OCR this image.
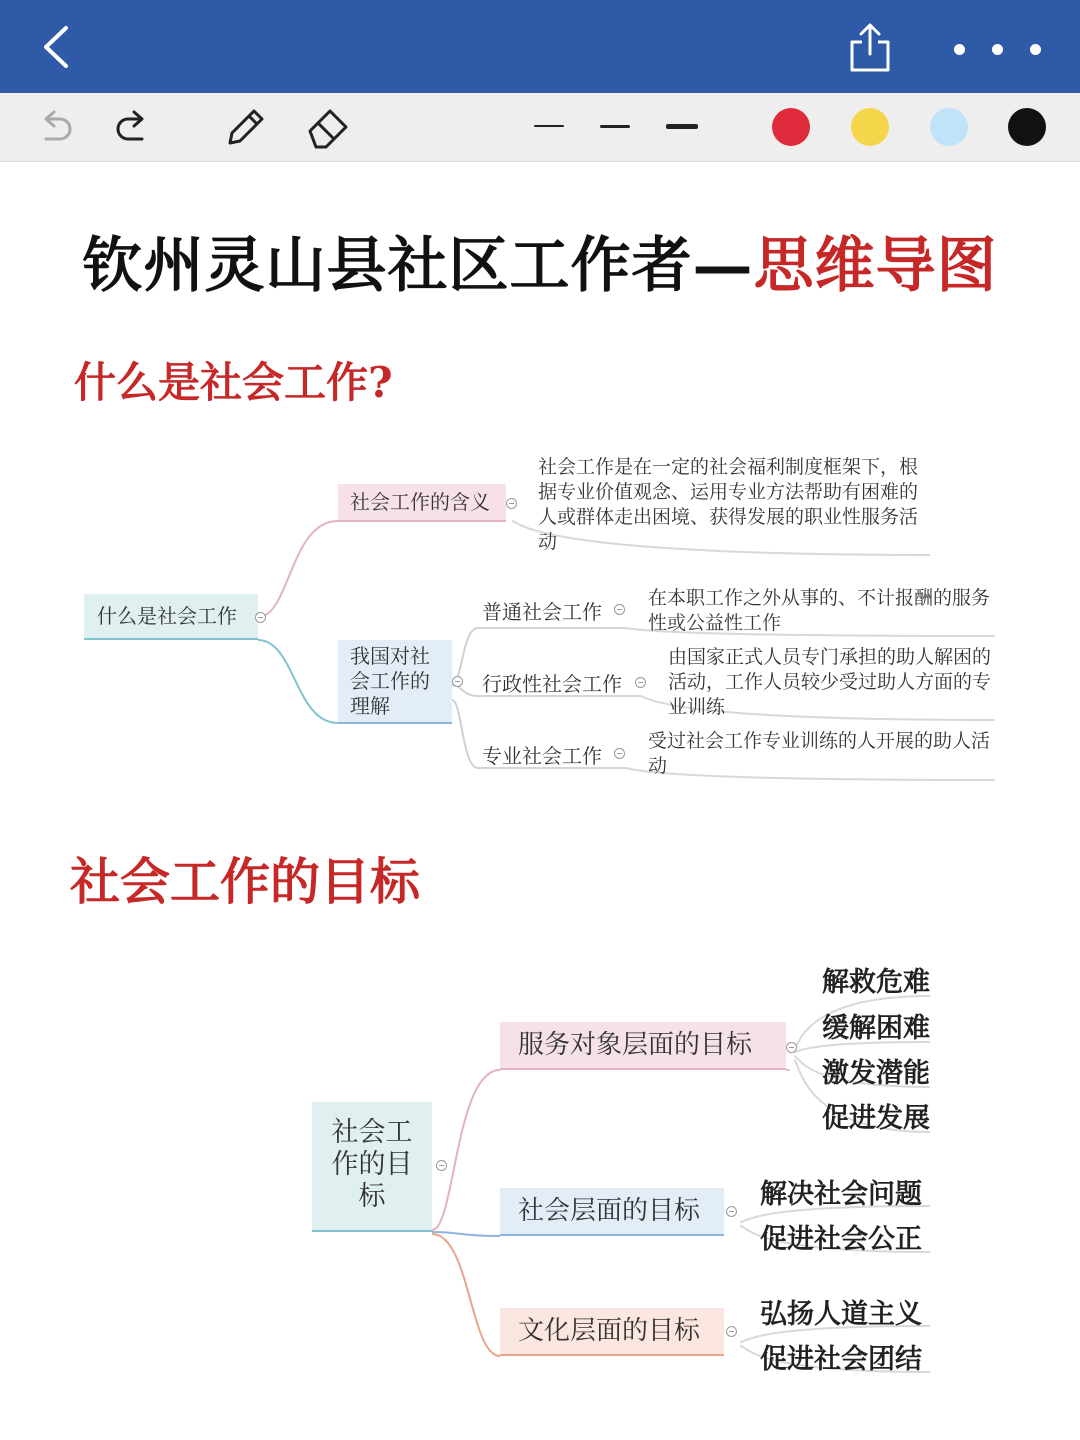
钦州灵山县社区工作者—思维导图
什么是社会工作?
什么是社会工作	−
社会工作的含义	−
社会工作是在一定的社会福利制度框架下，根据专业价值观念、运用专业方法帮助有困难的人或群体走出困境、获得发展的职业性服务活动
我国对社会工作的理解
−
普通社会工作 −
在本职工作之外从事的、不计报酬的服务性或公益性工作
行政性社会工作 −
由国家正式人员专门承担的助人解困的活动，工作人员较少受过助人方面的专业训练
专业社会工作 −
受过社会工作专业训练的人开展的助人活动
社会工作的目标
社会工作的目标
−
服务对象层面的目标	−
解救危难
缓解困难
激发潜能
促进发展
社会层面的目标	−
解决社会问题
促进社会公正
文化层面的目标	−
弘扬人道主义
促进社会团结
